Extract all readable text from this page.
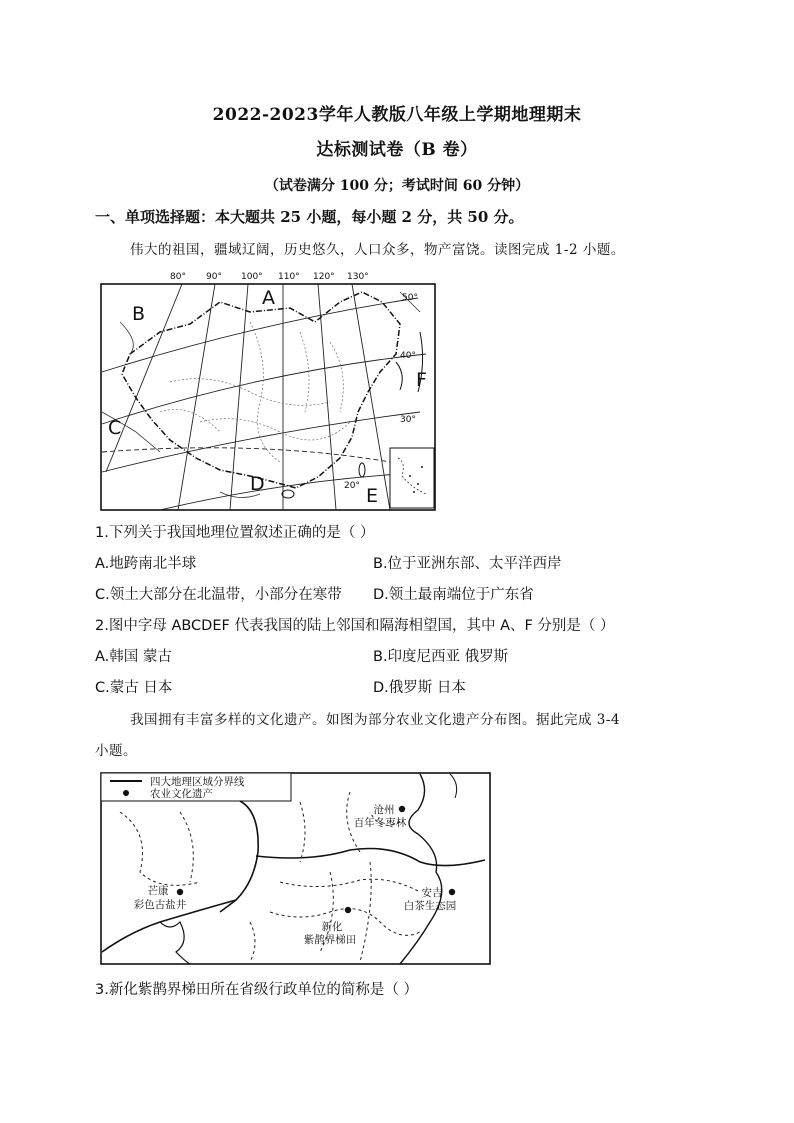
2022-2023学年人教版八年级上学期地理期末
达标测试卷（B 卷）
（试卷满分 100 分；考试时间 60 分钟）
一、单项选择题：本大题共 25 小题，每小题 2 分，共 50 分。
伟大的祖国，疆域辽阔，历史悠久，人口众多，物产富饶。读图完成 1-2 小题。
80° 90° 100° 110° 120° 130°
50°
40°
30°
20°
A
B
C
D
E
F
1.下列关于我国地理位置叙述正确的是（ ）
A.地跨南北半球	B.位于亚洲东部、太平洋西岸
C.领土大部分在北温带，小部分在寒带 D.领土最南端位于广东省
2.图中字母 ABCDEF 代表我国的陆上邻国和隔海相望国，其中 A、F 分别是（ ）
A.韩国 蒙古	B.印度尼西亚 俄罗斯
C.蒙古 日本	D.俄罗斯 日本
我国拥有丰富多样的文化遗产。如图为部分农业文化遗产分布图。据此完成 3-4
小题。
四大地理区域分界线
农业文化遗产
沧州
百年冬枣林
安吉
白茶生态园
芒康
彩色古盐井
新化
紫鹊界梯田
3.新化紫鹊界梯田所在省级行政单位的简称是（ ）
